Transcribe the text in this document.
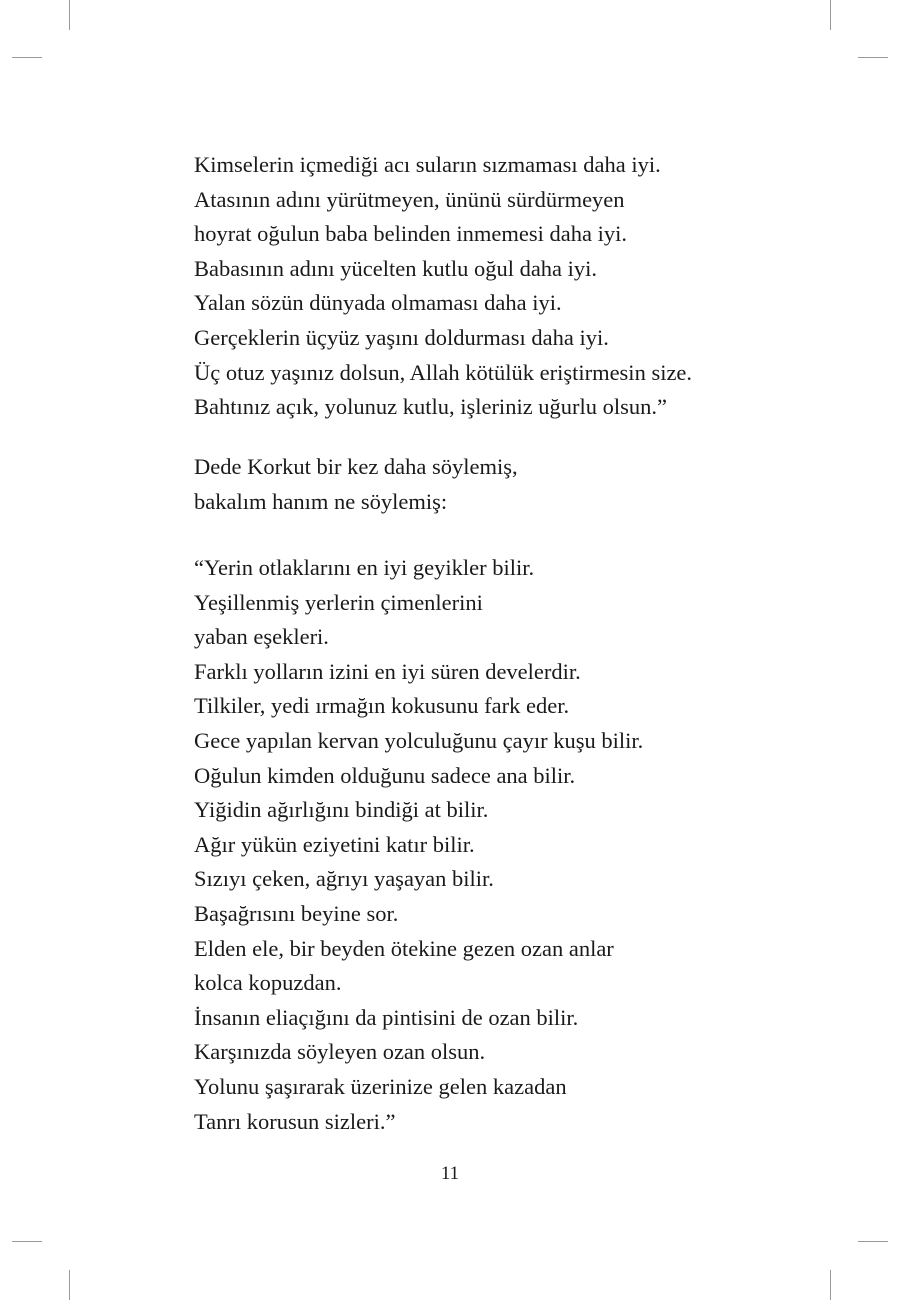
Kimselerin içmediği acı suların sızmaması daha iyi.
Atasının adını yürütmeyen, ününü sürdürmeyen
hoyrat oğulun baba belinden inmemesi daha iyi.
Babasının adını yücelten kutlu oğul daha iyi.
Yalan sözün dünyada olmaması daha iyi.
Gerçeklerin üçyüz yaşını doldurması daha iyi.
Üç otuz yaşınız dolsun, Allah kötülük eriştirmesin size.
Bahtınız açık, yolunuz kutlu, işleriniz uğurlu olsun.”
Dede Korkut bir kez daha söylemiş,
bakalım hanım ne söylemiş:
“Yerin otlaklarını en iyi geyikler bilir.
Yeşillenmiş yerlerin çimenlerini
yaban eşekleri.
Farklı yolların izini en iyi süren develerdir.
Tilkiler, yedi ırmağın kokusunu fark eder.
Gece yapılan kervan yolculuğunu çayır kuşu bilir.
Oğulun kimden olduğunu sadece ana bilir.
Yiğidin ağırlığını bindiği at bilir.
Ağır yükün eziyetini katır bilir.
Sızıyı çeken, ağrıyı yaşayan bilir.
Başağrısını beyine sor.
Elden ele, bir beyden ötekine gezen ozan anlar
kolca kopuzdan.
İnsanın eliaçığını da pintisini de ozan bilir.
Karşınızda söyleyen ozan olsun.
Yolunu şaşırarak üzerinize gelen kazadan
Tanrı korusun sizleri.”
11
